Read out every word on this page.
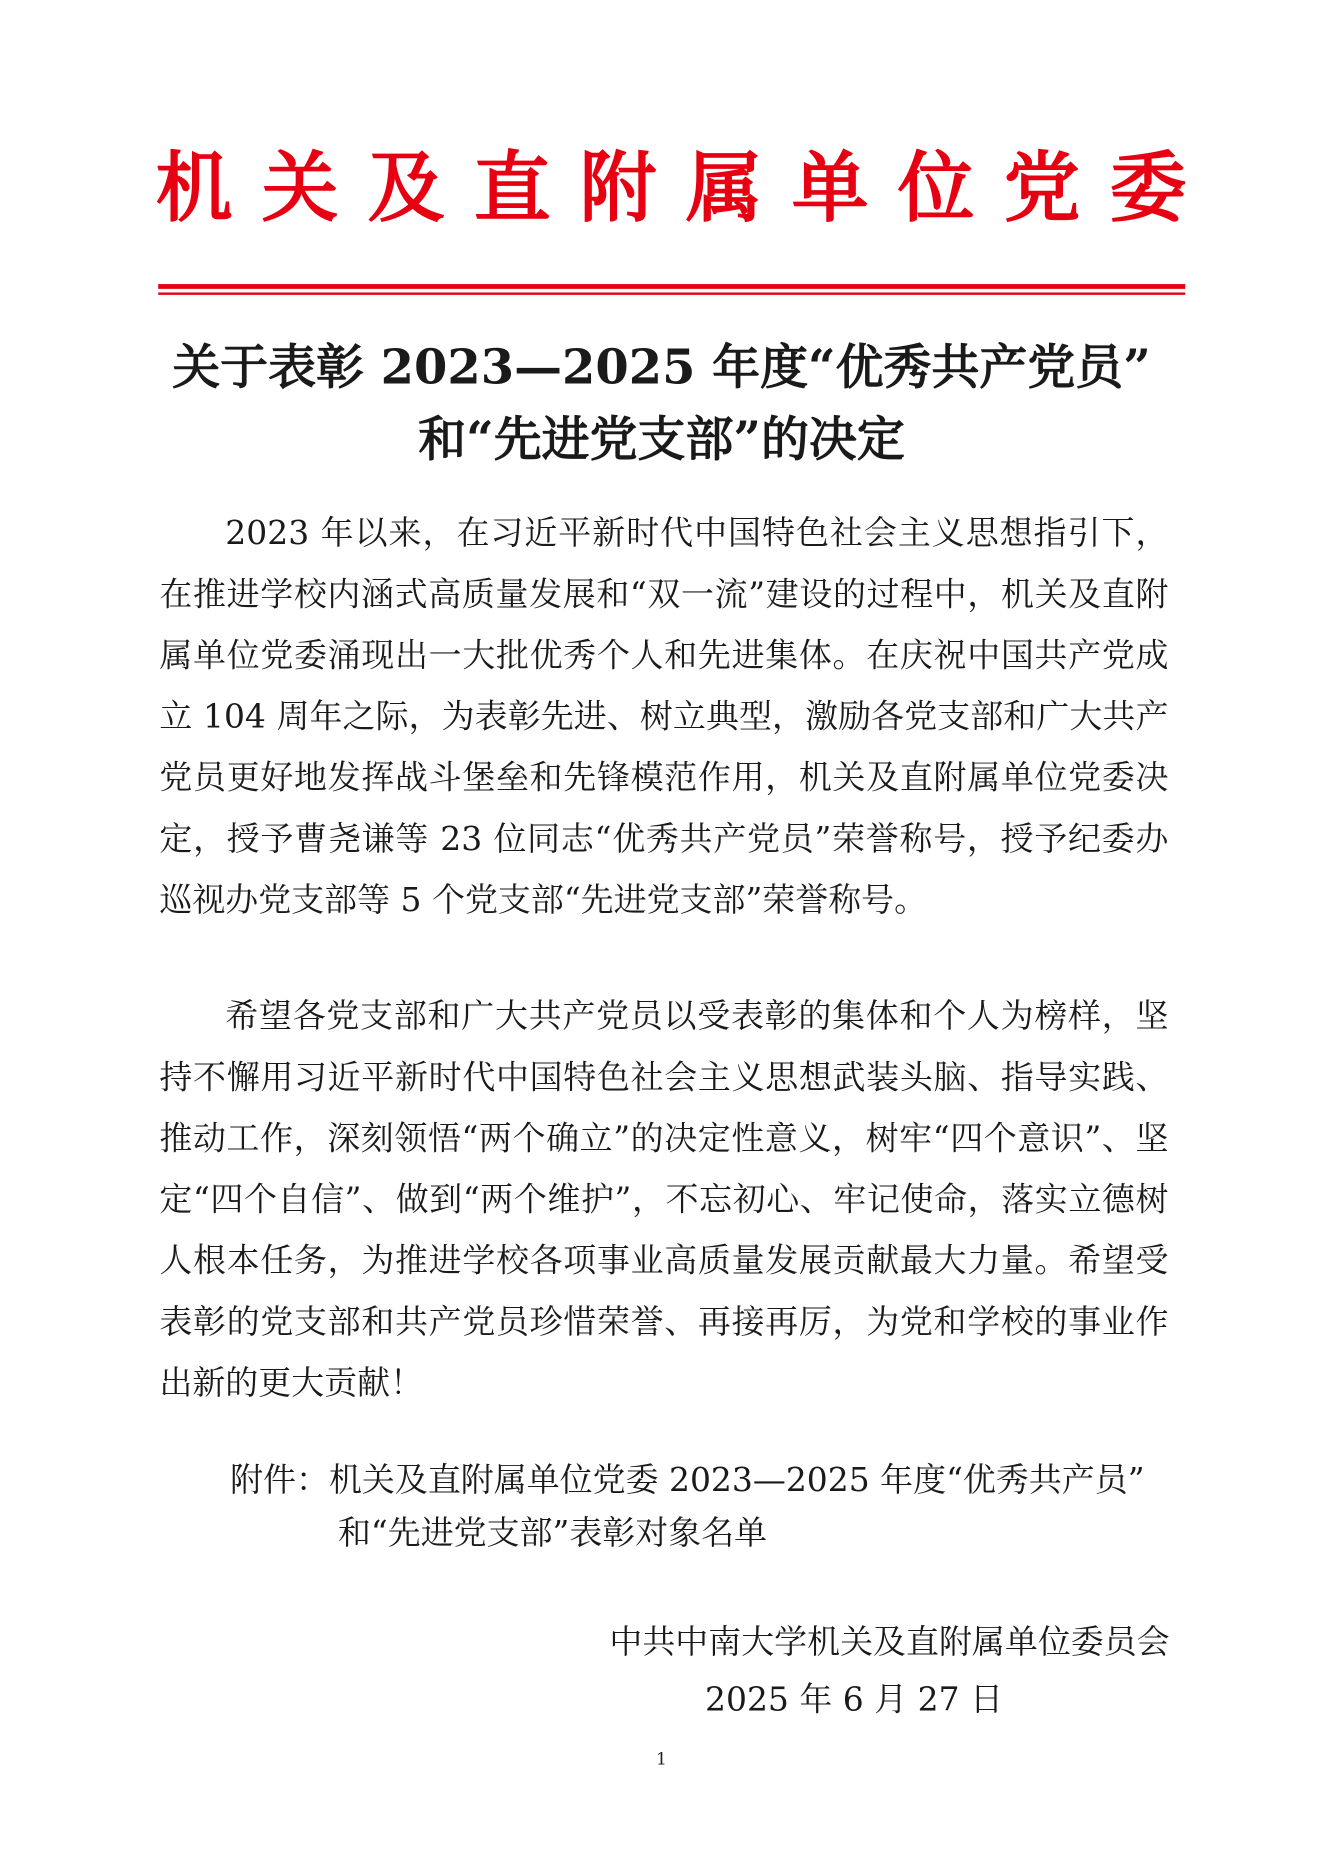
机 关 及 直 附 属 单 位 党 委
关于表彰 2023—2025 年度“优秀共产党员”
和“先进党支部”的决定

2023 年以来，在习近平新时代中国特色社会主义思想指引下，在推进学校内涵式高质量发展和“双一流”建设的过程中，机关及直附属单位党委涌现出一大批优秀个人和先进集体。在庆祝中国共产党成立 104 周年之际，为表彰先进、树立典型，激励各党支部和广大共产党员更好地发挥战斗堡垒和先锋模范作用，机关及直附属单位党委决定，授予曹尧谦等 23 位同志“优秀共产党员”荣誉称号，授予纪委办巡视办党支部等 5 个党支部“先进党支部”荣誉称号。

希望各党支部和广大共产党员以受表彰的集体和个人为榜样，坚持不懈用习近平新时代中国特色社会主义思想武装头脑、指导实践、推动工作，深刻领悟“两个确立”的决定性意义，树牢“四个意识”、坚定“四个自信”、做到“两个维护”，不忘初心、牢记使命，落实立德树人根本任务，为推进学校各项事业高质量发展贡献最大力量。希望受表彰的党支部和共产党员珍惜荣誉、再接再厉，为党和学校的事业作出新的更大贡献！

附件：机关及直附属单位党委 2023—2025 年度“优秀共产员”
和“先进党支部”表彰对象名单
中共中南大学机关及直附属单位委员会
2025 年 6 月 27 日
1
